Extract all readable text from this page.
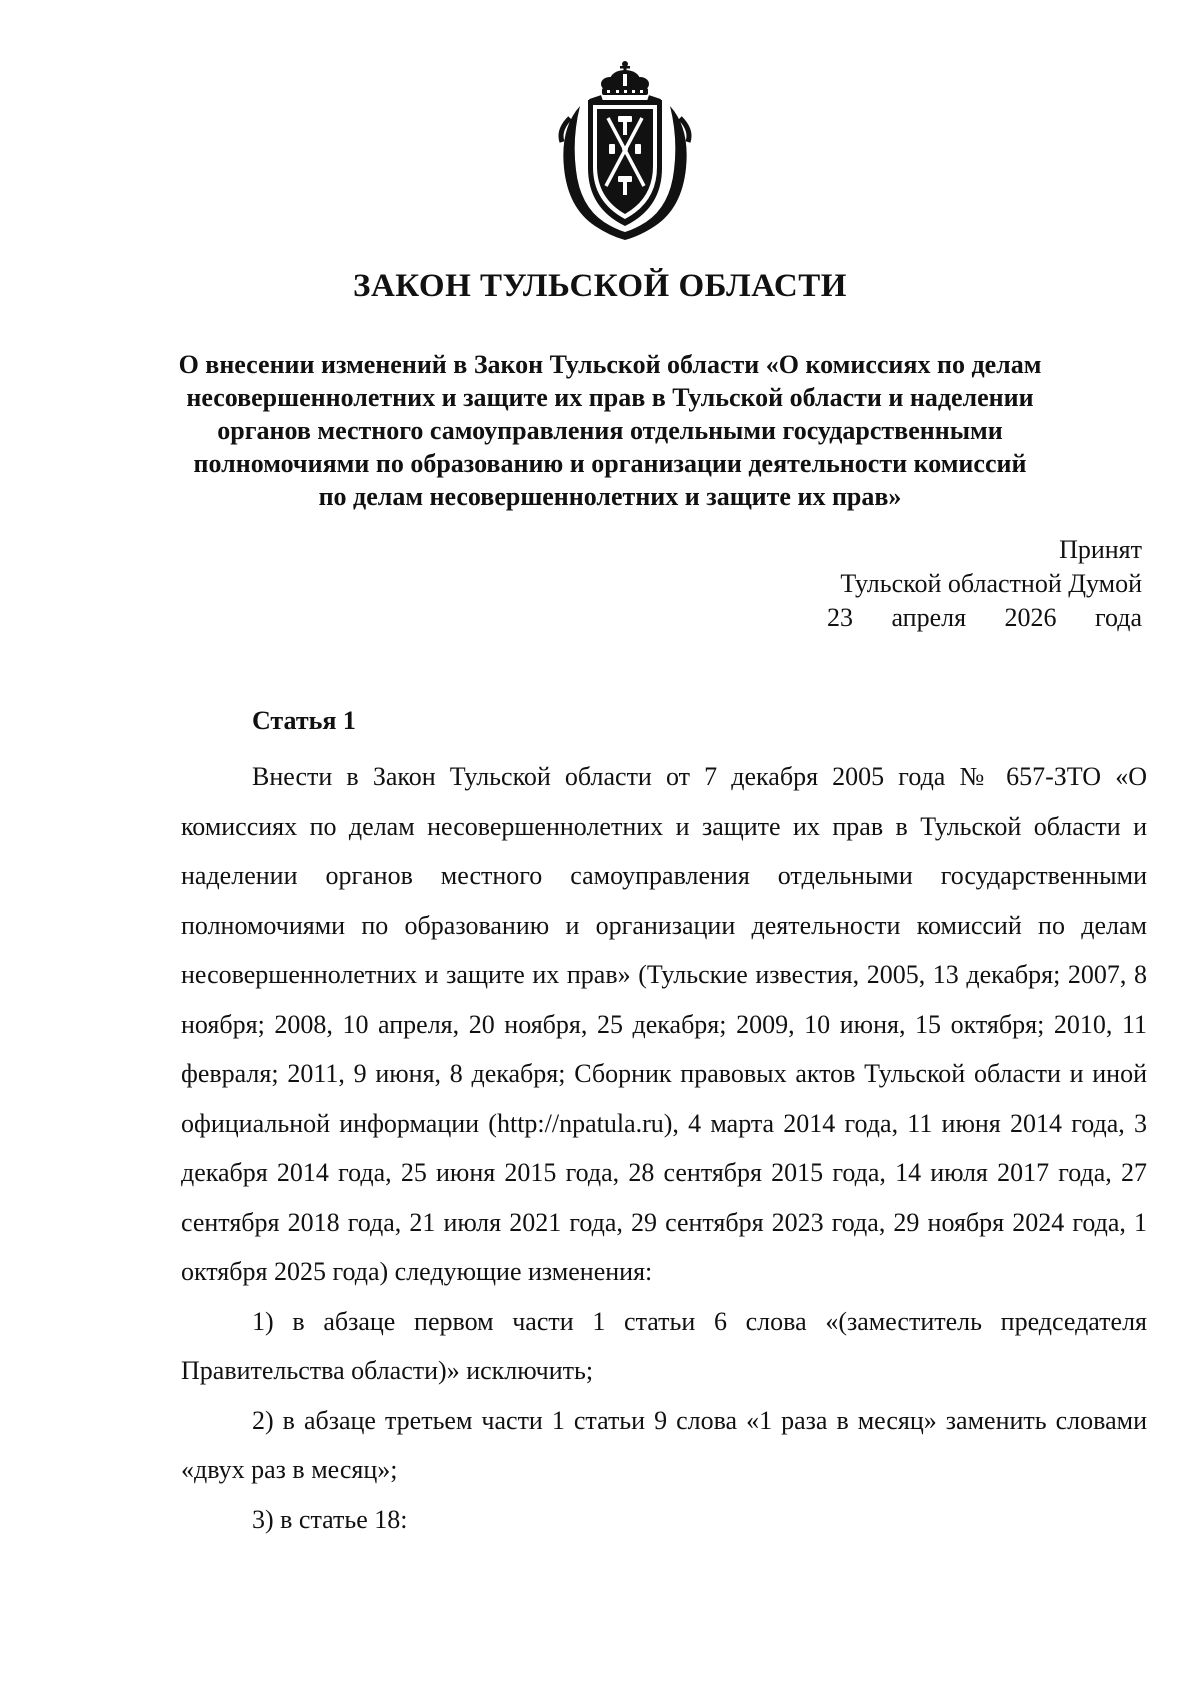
ЗАКОН ТУЛЬСКОЙ ОБЛАСТИ
О внесении изменений в Закон Тульской области «О комиссиях по делам
несовершеннолетних и защите их прав в Тульской области и наделении
органов местного самоуправления отдельными государственными
полномочиями по образованию и организации деятельности комиссий
по делам несовершеннолетних и защите их прав»
Принят
Тульской областной Думой
23 апреля 2026 года
Статья 1

Внести в Закон Тульской области от 7 декабря 2005 года № 657-ЗТО «О комиссиях по делам несовершеннолетних и защите их прав в Тульской области и наделении органов местного самоуправления отдельными государственными полномочиями по образованию и организации деятельности комиссий по делам несовершеннолетних и защите их прав» (Тульские известия, 2005, 13 декабря; 2007, 8 ноября; 2008, 10 апреля, 20 ноября, 25 декабря; 2009, 10 июня, 15 октября; 2010, 11 февраля; 2011, 9 июня, 8 декабря; Сборник правовых актов Тульской области и иной официальной информации (http://npatula.ru), 4 марта 2014 года, 11 июня 2014 года, 3 декабря 2014 года, 25 июня 2015 года, 28 сентября 2015 года, 14 июля 2017 года, 27 сентября 2018 года, 21 июля 2021 года, 29 сентября 2023 года, 29 ноября 2024 года, 1 октября 2025 года) следующие изменения:

1) в абзаце первом части 1 статьи 6 слова «(заместитель председателя Правительства области)» исключить;

2) в абзаце третьем части 1 статьи 9 слова «1 раза в месяц» заменить словами «двух раз в месяц»;

3) в статье 18:
